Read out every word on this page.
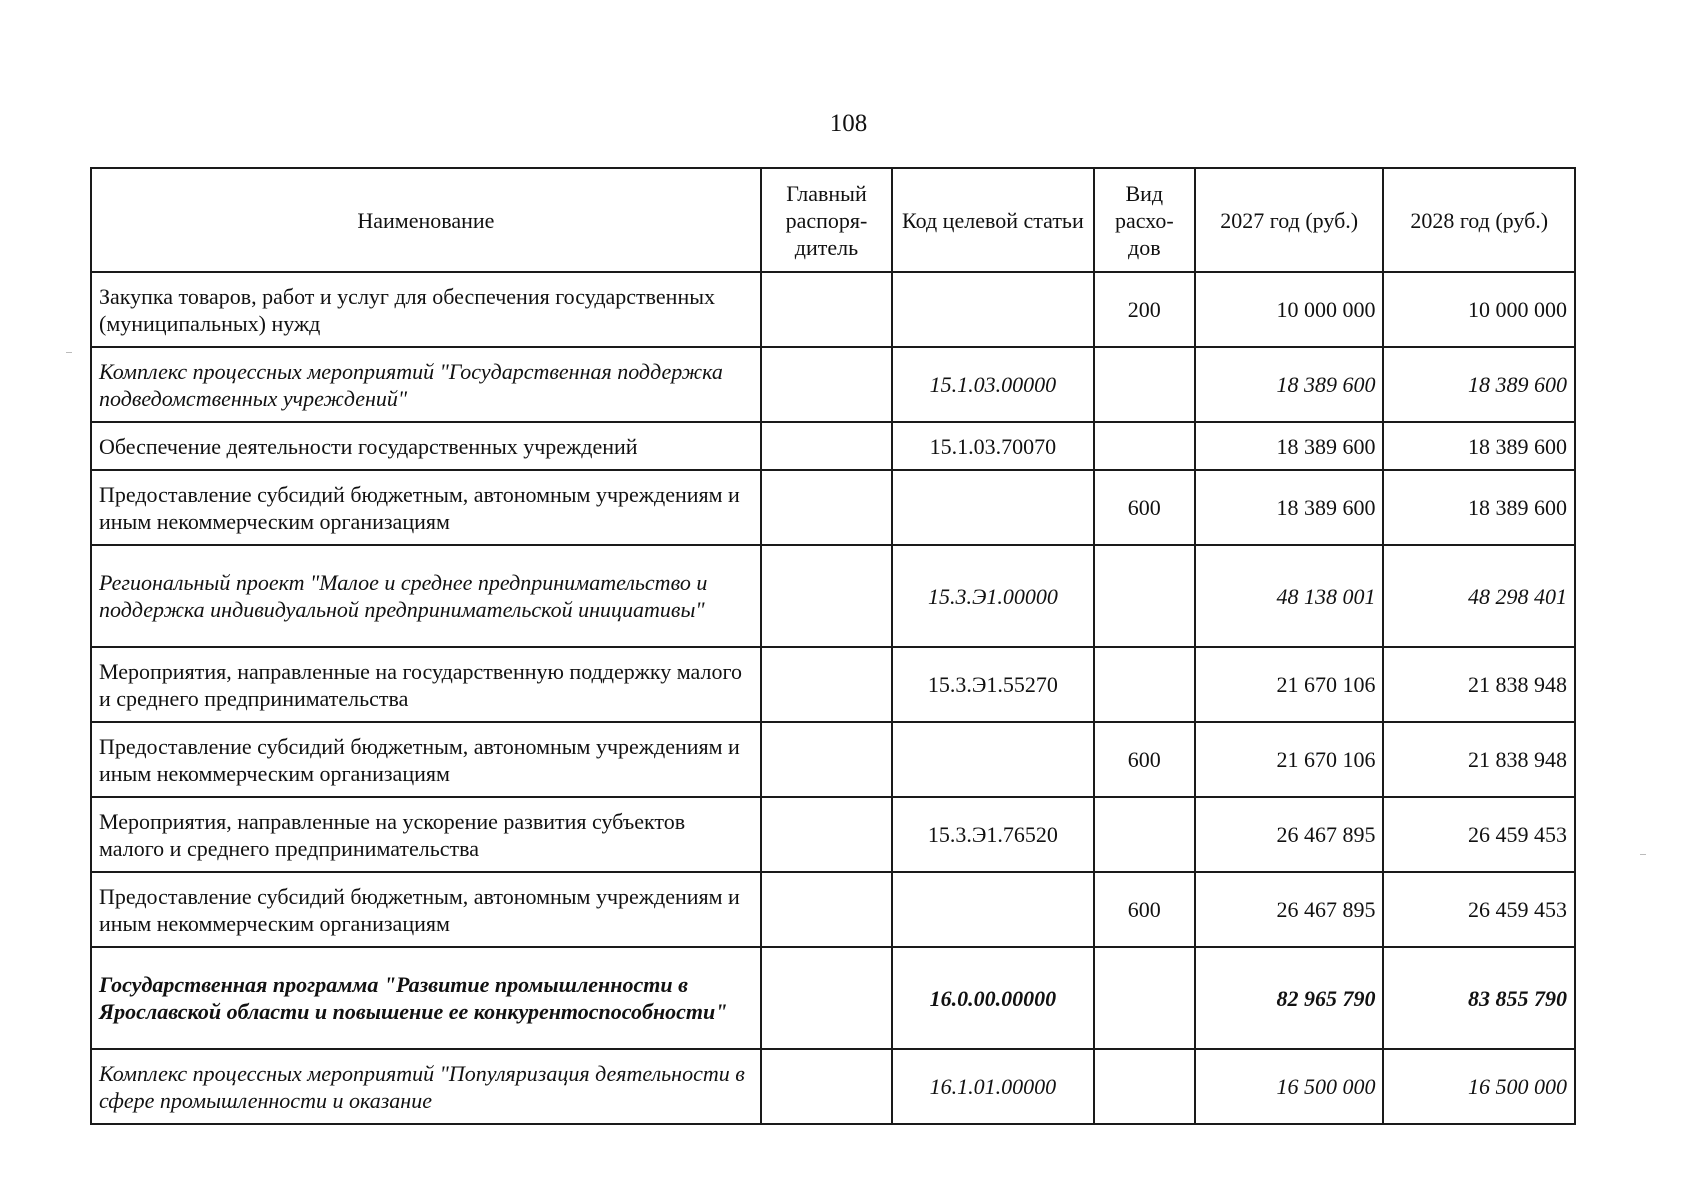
108
Наименование	Главный распоря-дитель	Код целевой статьи	Вид расхо-дов	2027 год (руб.)	2028 год (руб.)
Закупка товаров, работ и услуг для обеспечения государственных (муниципальных) нужд			200	10 000 000	10 000 000
Комплекс процессных мероприятий "Государственная поддержка подведомственных учреждений"		15.1.03.00000		18 389 600	18 389 600
Обеспечение деятельности государственных учреждений		15.1.03.70070		18 389 600	18 389 600
Предоставление субсидий бюджетным, автономным учреждениям и иным некоммерческим организациям			600	18 389 600	18 389 600
Региональный проект "Малое и среднее предпринимательство и поддержка индивидуальной предпринимательской инициативы"		15.3.Э1.00000		48 138 001	48 298 401
Мероприятия, направленные на государственную поддержку малого и среднего предпринимательства		15.3.Э1.55270		21 670 106	21 838 948
Предоставление субсидий бюджетным, автономным учреждениям и иным некоммерческим организациям			600	21 670 106	21 838 948
Мероприятия, направленные на ускорение развития субъектов малого и среднего предпринимательства		15.3.Э1.76520		26 467 895	26 459 453
Предоставление субсидий бюджетным, автономным учреждениям и иным некоммерческим организациям			600	26 467 895	26 459 453
Государственная программа "Развитие промышленности в Ярославской области и повышение ее конкурентоспособности"		16.0.00.00000		82 965 790	83 855 790
Комплекс процессных мероприятий "Популяризация деятельности в сфере промышленности и оказание		16.1.01.00000		16 500 000	16 500 000
